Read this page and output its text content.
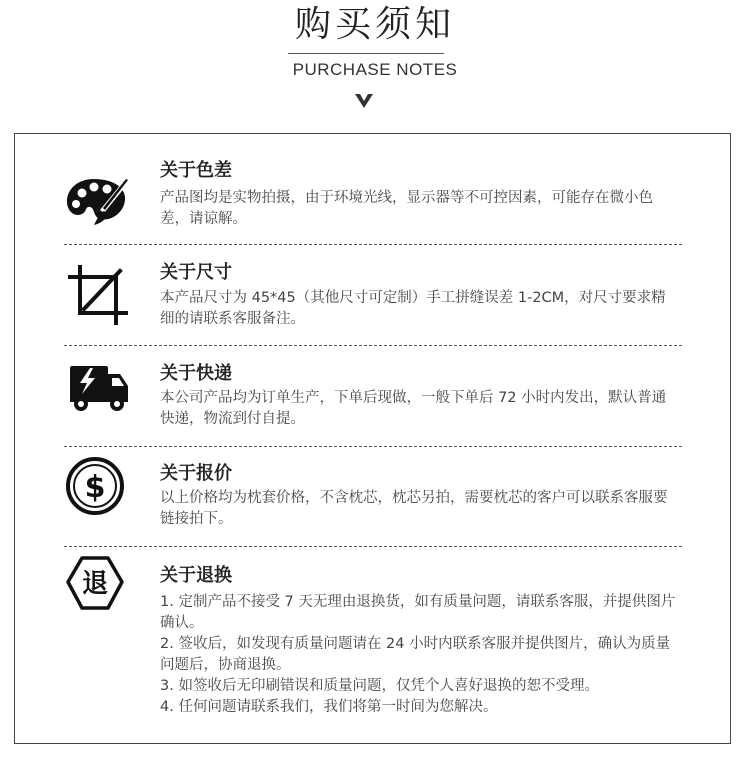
购买须知
PURCHASE NOTES
关于色差

产品图均是实物拍摄，由于环境光线，显示器等不可控因素，可能存在微小色差，请谅解。

关于尺寸

本产品尺寸为 45*45（其他尺寸可定制）手工拼缝误差 1-2CM，对尺寸要求精细的请联系客服备注。

关于快递

本公司产品均为订单生产，下单后现做，一般下单后 72 小时内发出，默认普通快递，物流到付自提。

$	关于报价

以上价格均为枕套价格，不含枕芯，枕芯另拍，需要枕芯的客户可以联系客服要链接拍下。

退	关于退换

1. 定制产品不接受 7 天无理由退换货，如有质量问题，请联系客服，并提供图片确认。

2. 签收后，如发现有质量问题请在 24 小时内联系客服并提供图片，确认为质量问题后，协商退换。

3. 如签收后无印刷错误和质量问题，仅凭个人喜好退换的恕不受理。

4. 任何问题请联系我们，我们将第一时间为您解决。
